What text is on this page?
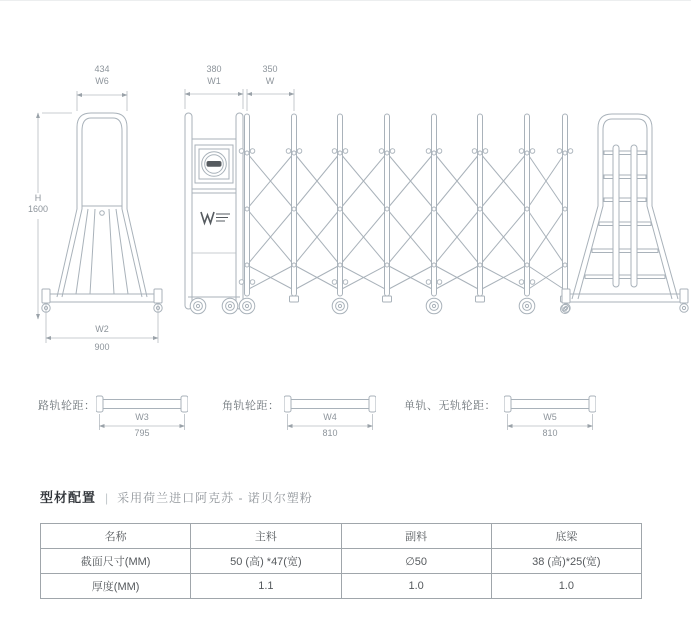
434
W6
380
W1
350
W
H
1600
W2
900
路轨轮距：
W3
795
角轨轮距：
W4
810
单轨、无轨轮距：
W5
810
型材配置 | 采用荷兰进口阿克苏 - 诺贝尔塑粉
名称	主料	副料	底梁
截面尺寸(MM)	50 (高) *47(宽)	∅50	38 (高)*25(宽)
厚度(MM)	1.1	1.0	1.0
